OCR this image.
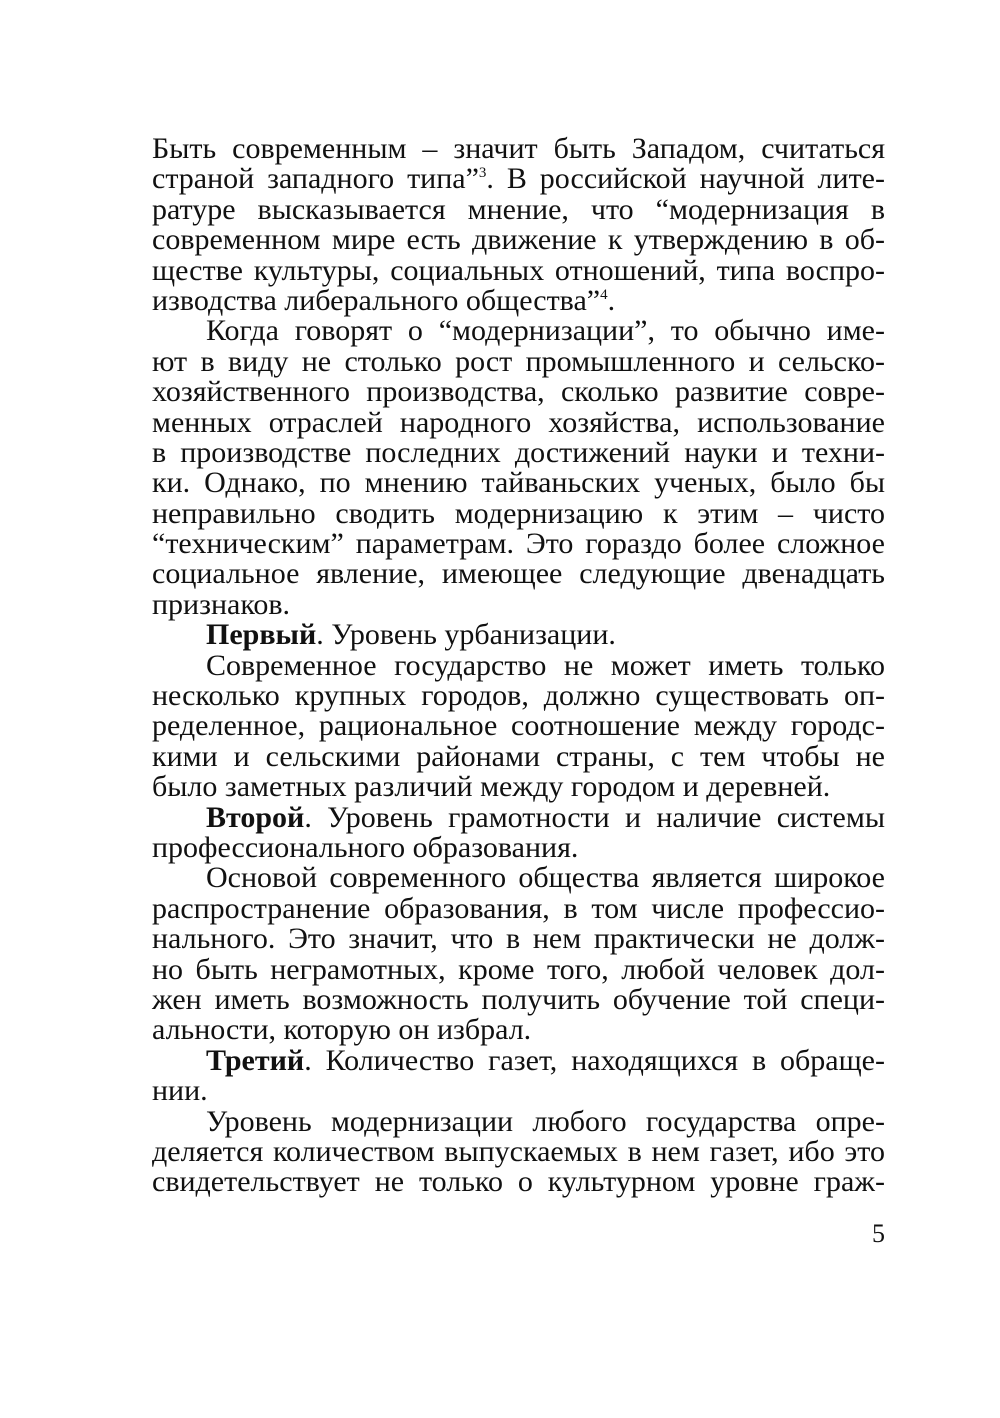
Быть современным – значит быть Западом, считаться
страной западного типа”$^3$. В российской научной лите-
ратуре высказывается мнение, что “модернизация в
современном мире есть движение к утверждению в об-
ществе культуры, социальных отношений, типа воспро-
изводства либерального общества”$^4$.
Когда говорят о “модернизации”, то обычно име-
ют в виду не столько рост промышленного и сельско-
хозяйственного производства, сколько развитие совре-
менных отраслей народного хозяйства, использование
в производстве последних достижений науки и техни-
ки. Однако, по мнению тайваньских ученых, было бы
неправильно сводить модернизацию к этим – чисто
“техническим” параметрам. Это гораздо более сложное
социальное явление, имеющее следующие двенадцать
признаков.
Первый. Уровень урбанизации.
Современное государство не может иметь только
несколько крупных городов, должно существовать оп-
ределенное, рациональное соотношение между городс-
кими и сельскими районами страны, с тем чтобы не
было заметных различий между городом и деревней.
Второй. Уровень грамотности и наличие системы
профессионального образования.
Основой современного общества является широкое
распространение образования, в том числе профессио-
нального. Это значит, что в нем практически не долж-
но быть неграмотных, кроме того, любой человек дол-
жен иметь возможность получить обучение той специ-
альности, которую он избрал.
Третий. Количество газет, находящихся в обраще-
нии.
Уровень модернизации любого государства опре-
деляется количеством выпускаемых в нем газет, ибо это
свидетельствует не только о культурном уровне граж-
5
